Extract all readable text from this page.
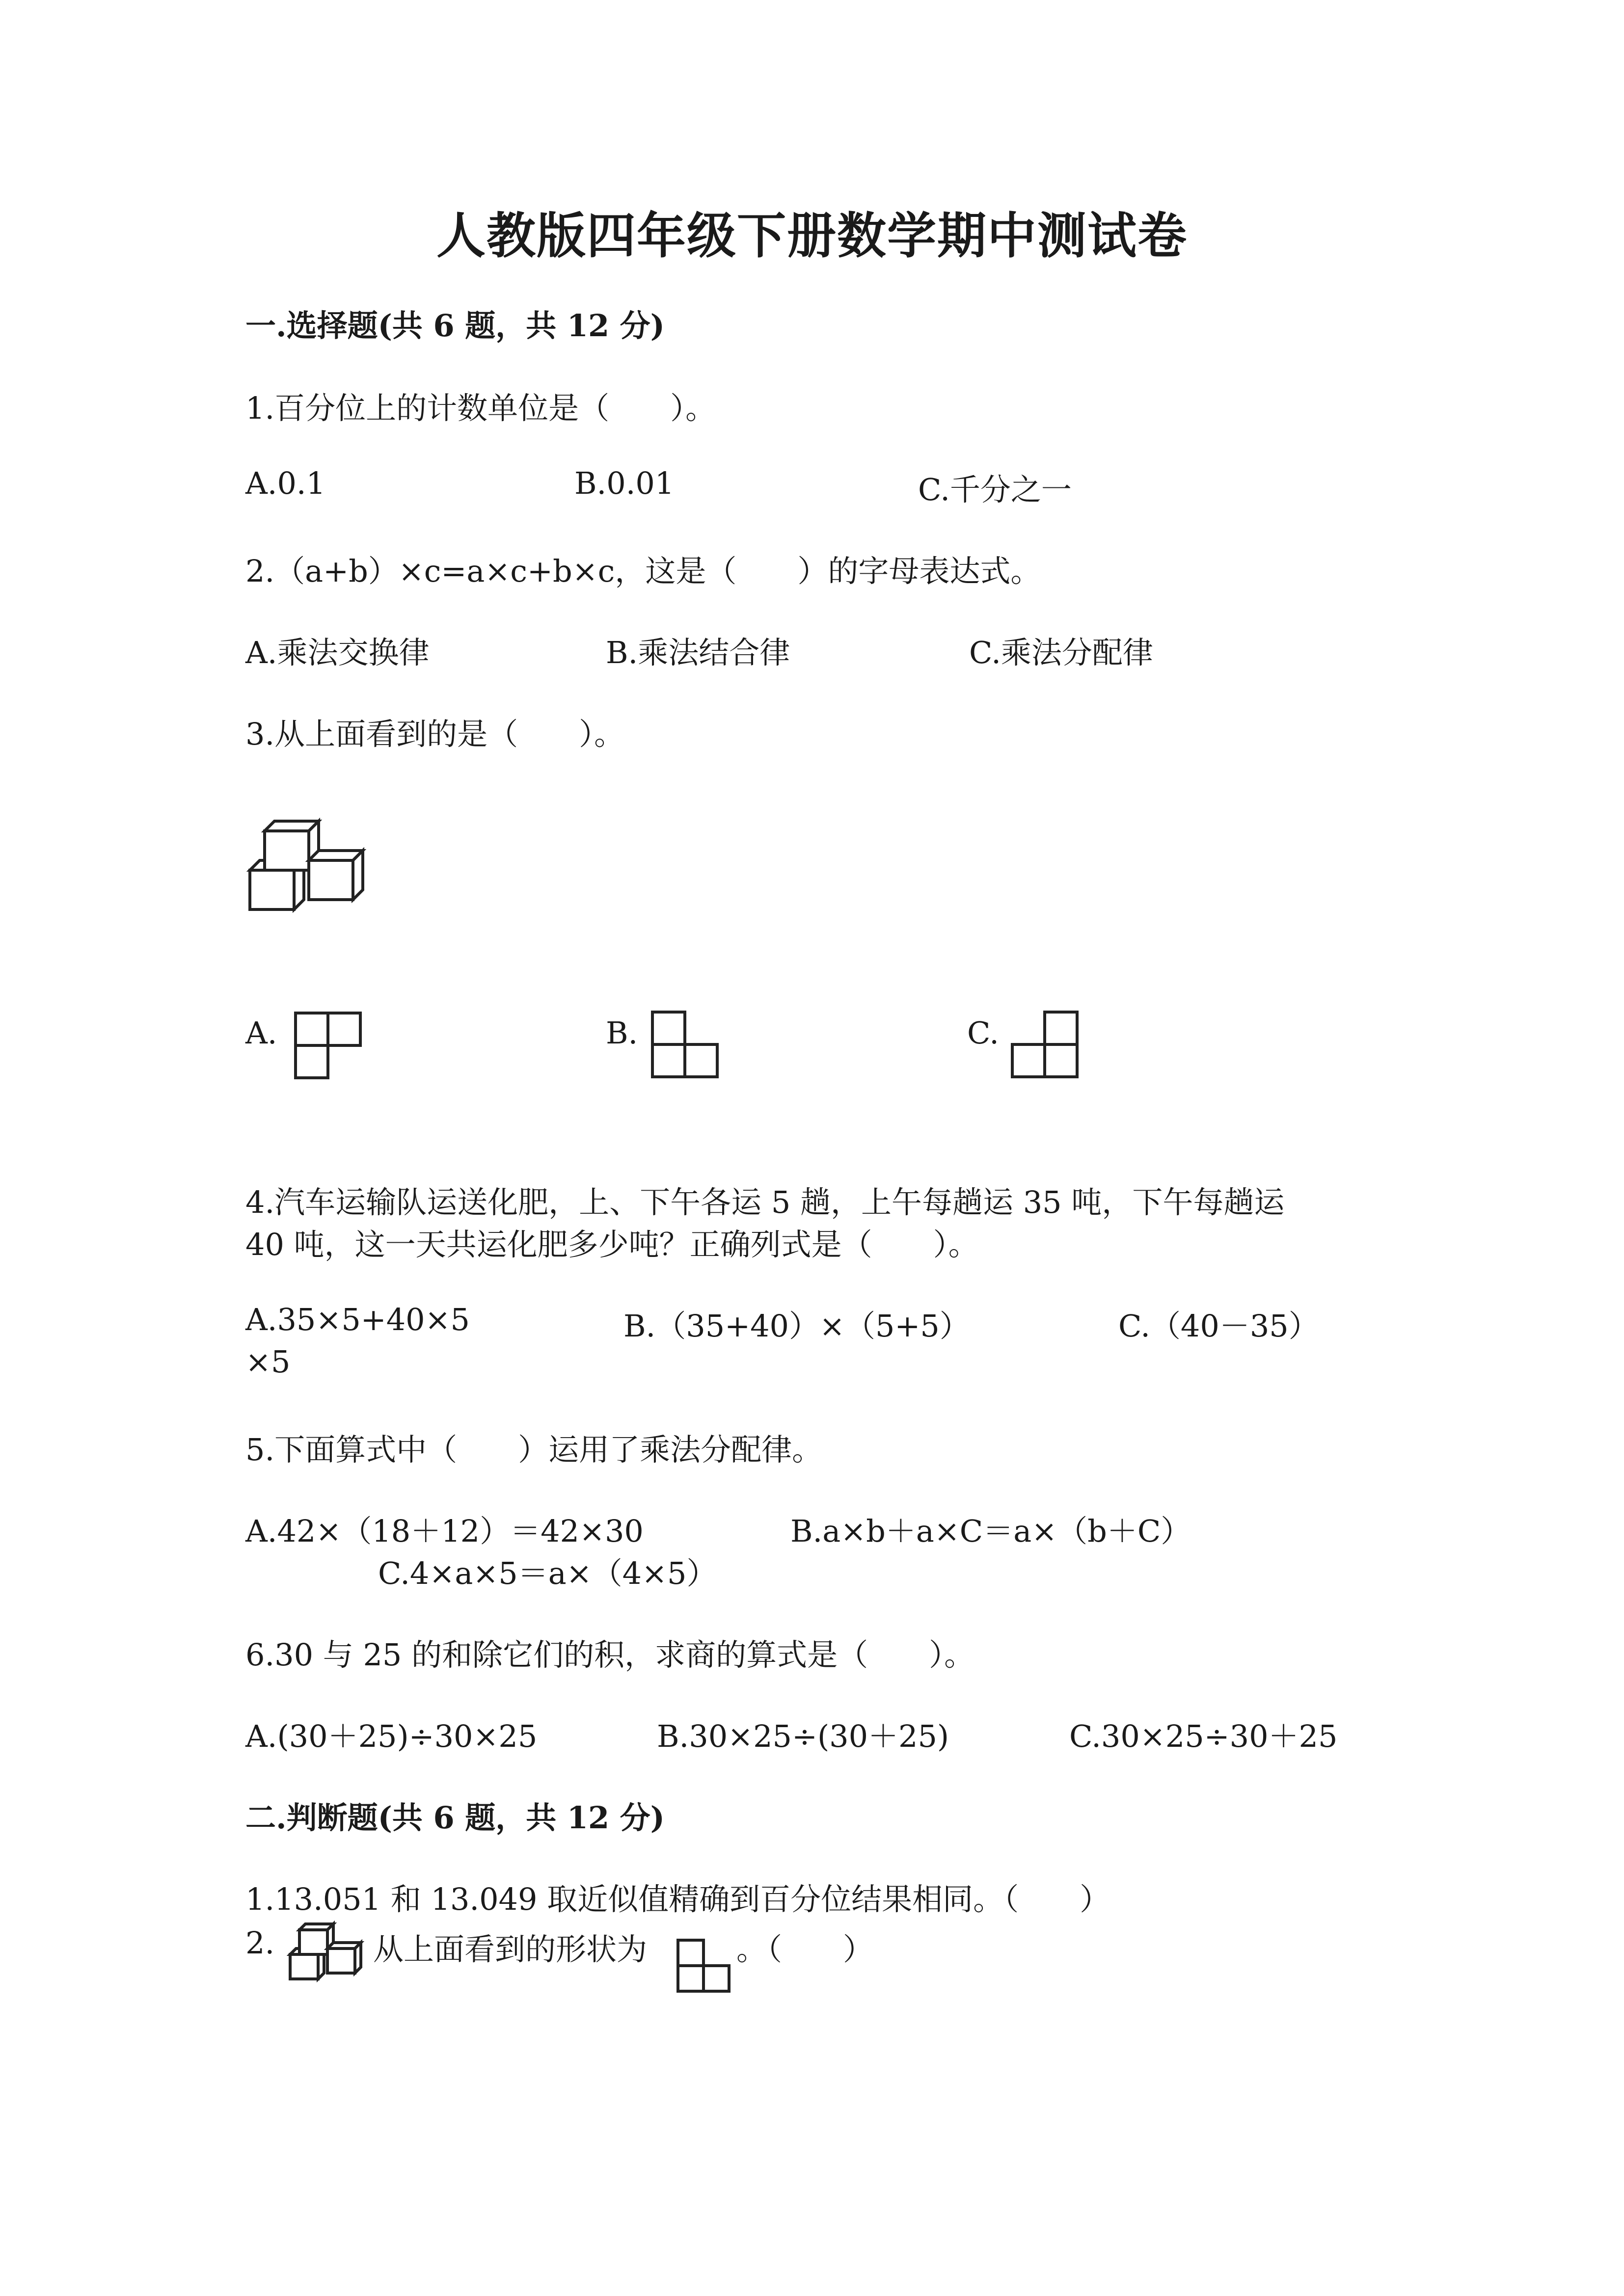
人教版四年级下册数学期中测试卷
一.选择题(共 6 题，共 12 分)
1.百分位上的计数单位是（　　）。
A.0.1	B.0.01	C.千分之一
2.（a+b）×c=a×c+b×c，这是（　　）的字母表达式。
A.乘法交换律	B.乘法结合律	C.乘法分配律
3.从上面看到的是（　　）。
A.	B.	C.
4.汽车运输队运送化肥，上、下午各运 5 趟，上午每趟运 35 吨，下午每趟运
40 吨，这一天共运化肥多少吨？正确列式是（　　）。
A.35×5+40×5	B.（35+40）×（5+5）	C.（40－35）
×5
5.下面算式中（　　）运用了乘法分配律。
A.42×（18＋12）＝42×30	B.a×b＋a×C＝a×（b＋C）
C.4×a×5＝a×（4×5）
6.30 与 25 的和除它们的积，求商的算式是（　　）。
A.(30＋25)÷30×25	B.30×25÷(30＋25)	C.30×25÷30＋25
二.判断题(共 6 题，共 12 分)
1.13.051 和 13.049 取近似值精确到百分位结果相同。（　　）
2.	从上面看到的形状为	。（　　）
